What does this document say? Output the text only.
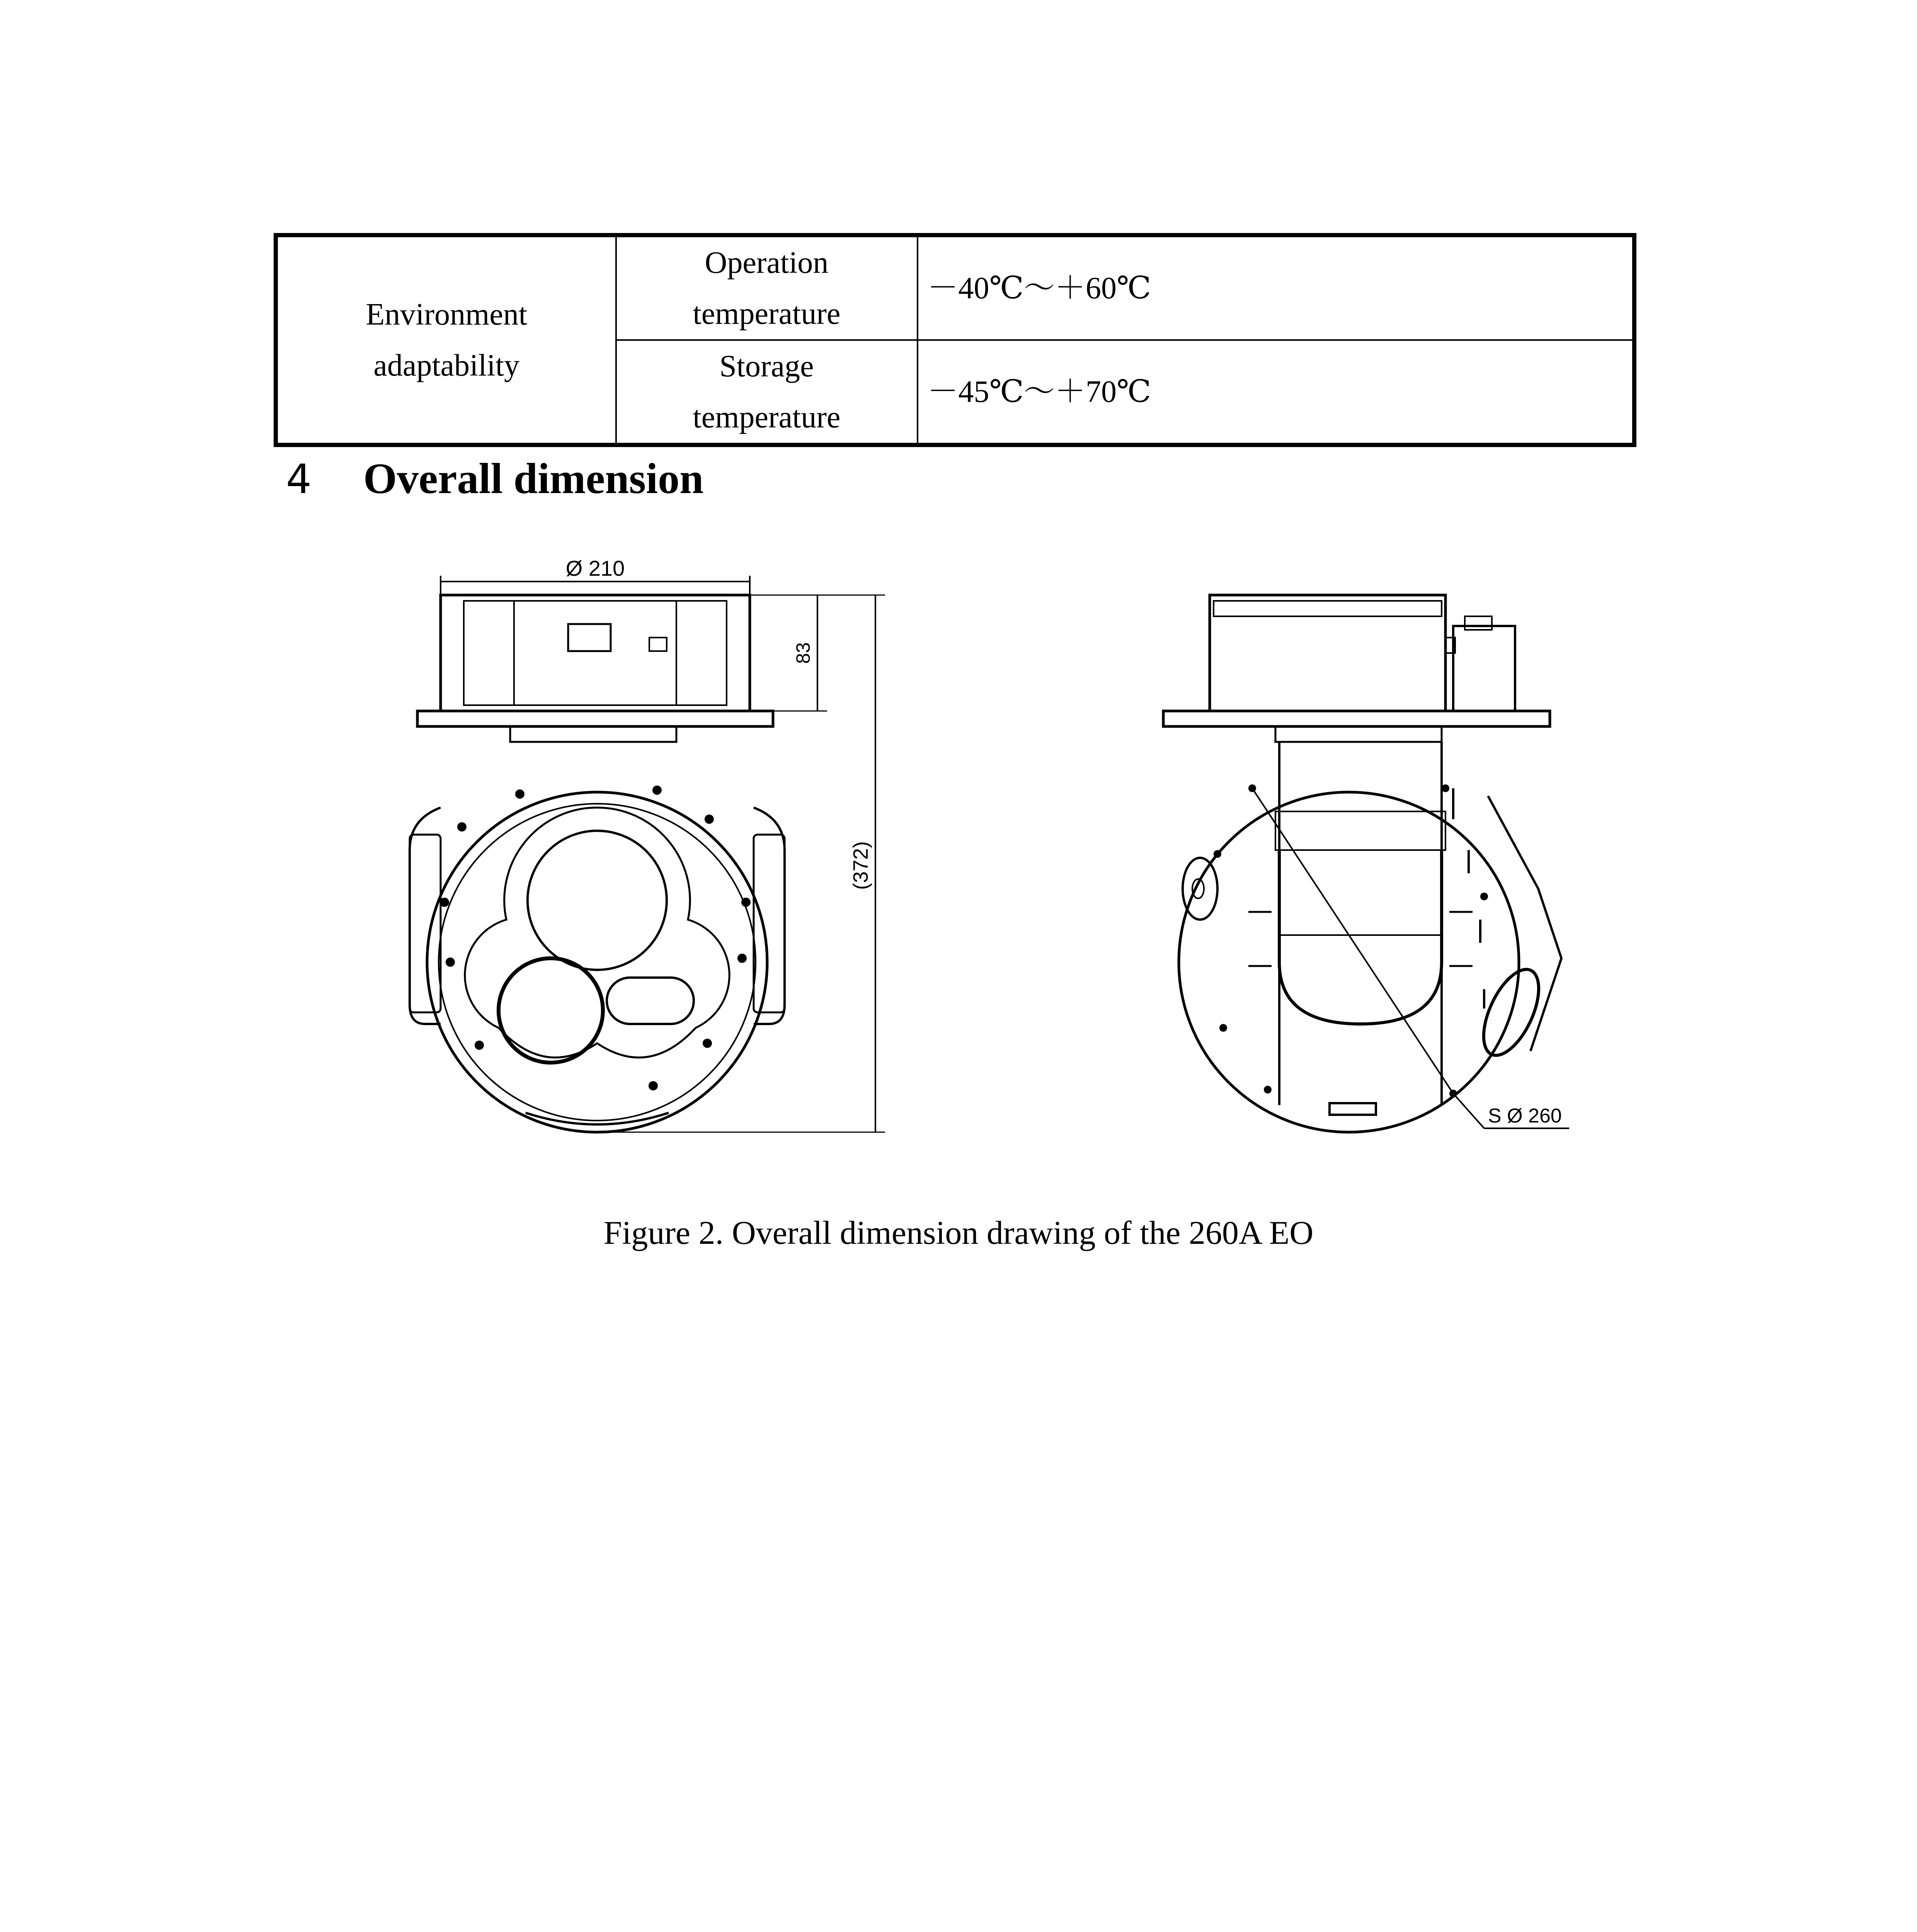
Environment adaptability	Operation temperature	－40℃～＋60℃

	Storage temperature	－45℃～＋70℃
4 Overall dimension
Ø 210
83
(372)
S Ø 260
Figure 2. Overall dimension drawing of the 260A EO
